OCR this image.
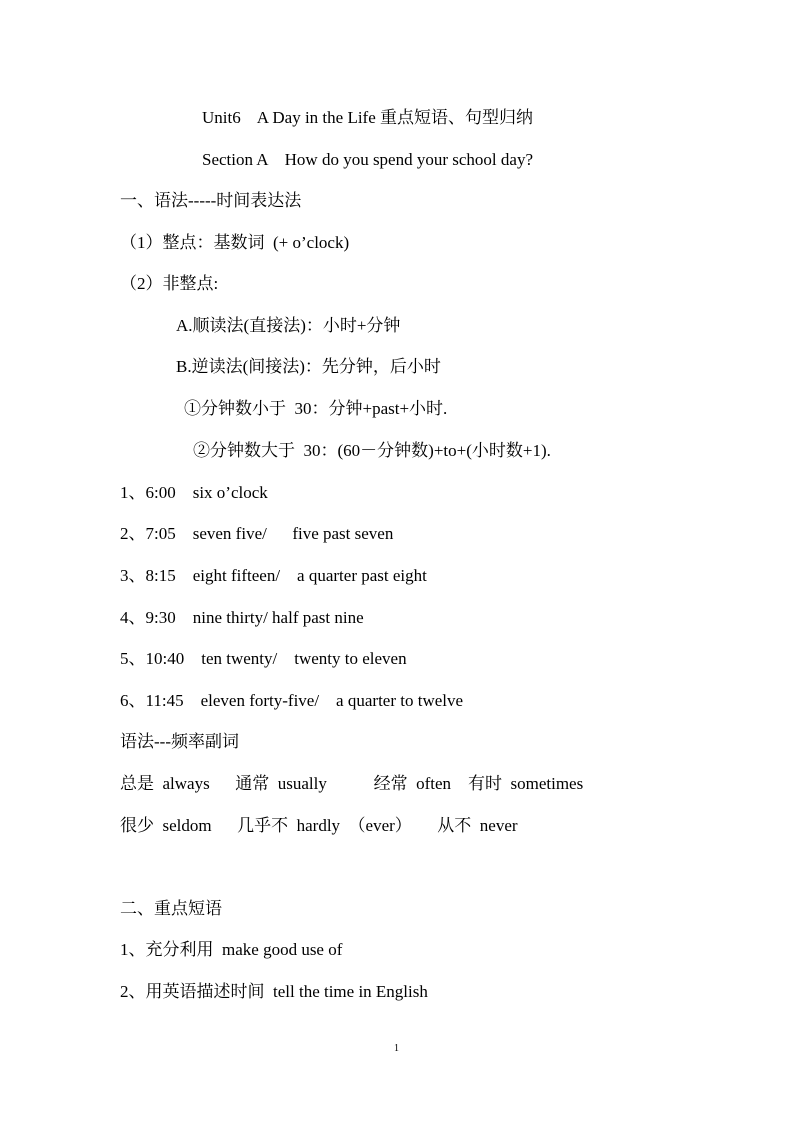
Unit6    A Day in the Life 重点短语、句型归纳
Section A    How do you spend your school day?
一、语法-----时间表达法
（1）整点：基数词  (+ o’clock)
（2）非整点:
A.顺读法(直接法)：小时+分钟
B.逆读法(间接法)：先分钟，后小时
①分钟数小于  30：分钟+past+小时.
②分钟数大于  30：(60－分钟数)+to+(小时数+1).
1、6:00    six o’clock
2、7:05    seven five/      five past seven
3、8:15    eight fifteen/    a quarter past eight
4、9:30    nine thirty/ half past nine
5、10:40    ten twenty/    twenty to eleven
6、11:45    eleven forty-five/    a quarter to twelve
语法---频率副词
总是  always      通常  usually           经常  often    有时  sometimes
很少  seldom      几乎不  hardly  （ever）      从不  never
二、重点短语
1、充分利用  make good use of
2、用英语描述时间  tell the time in English
1
